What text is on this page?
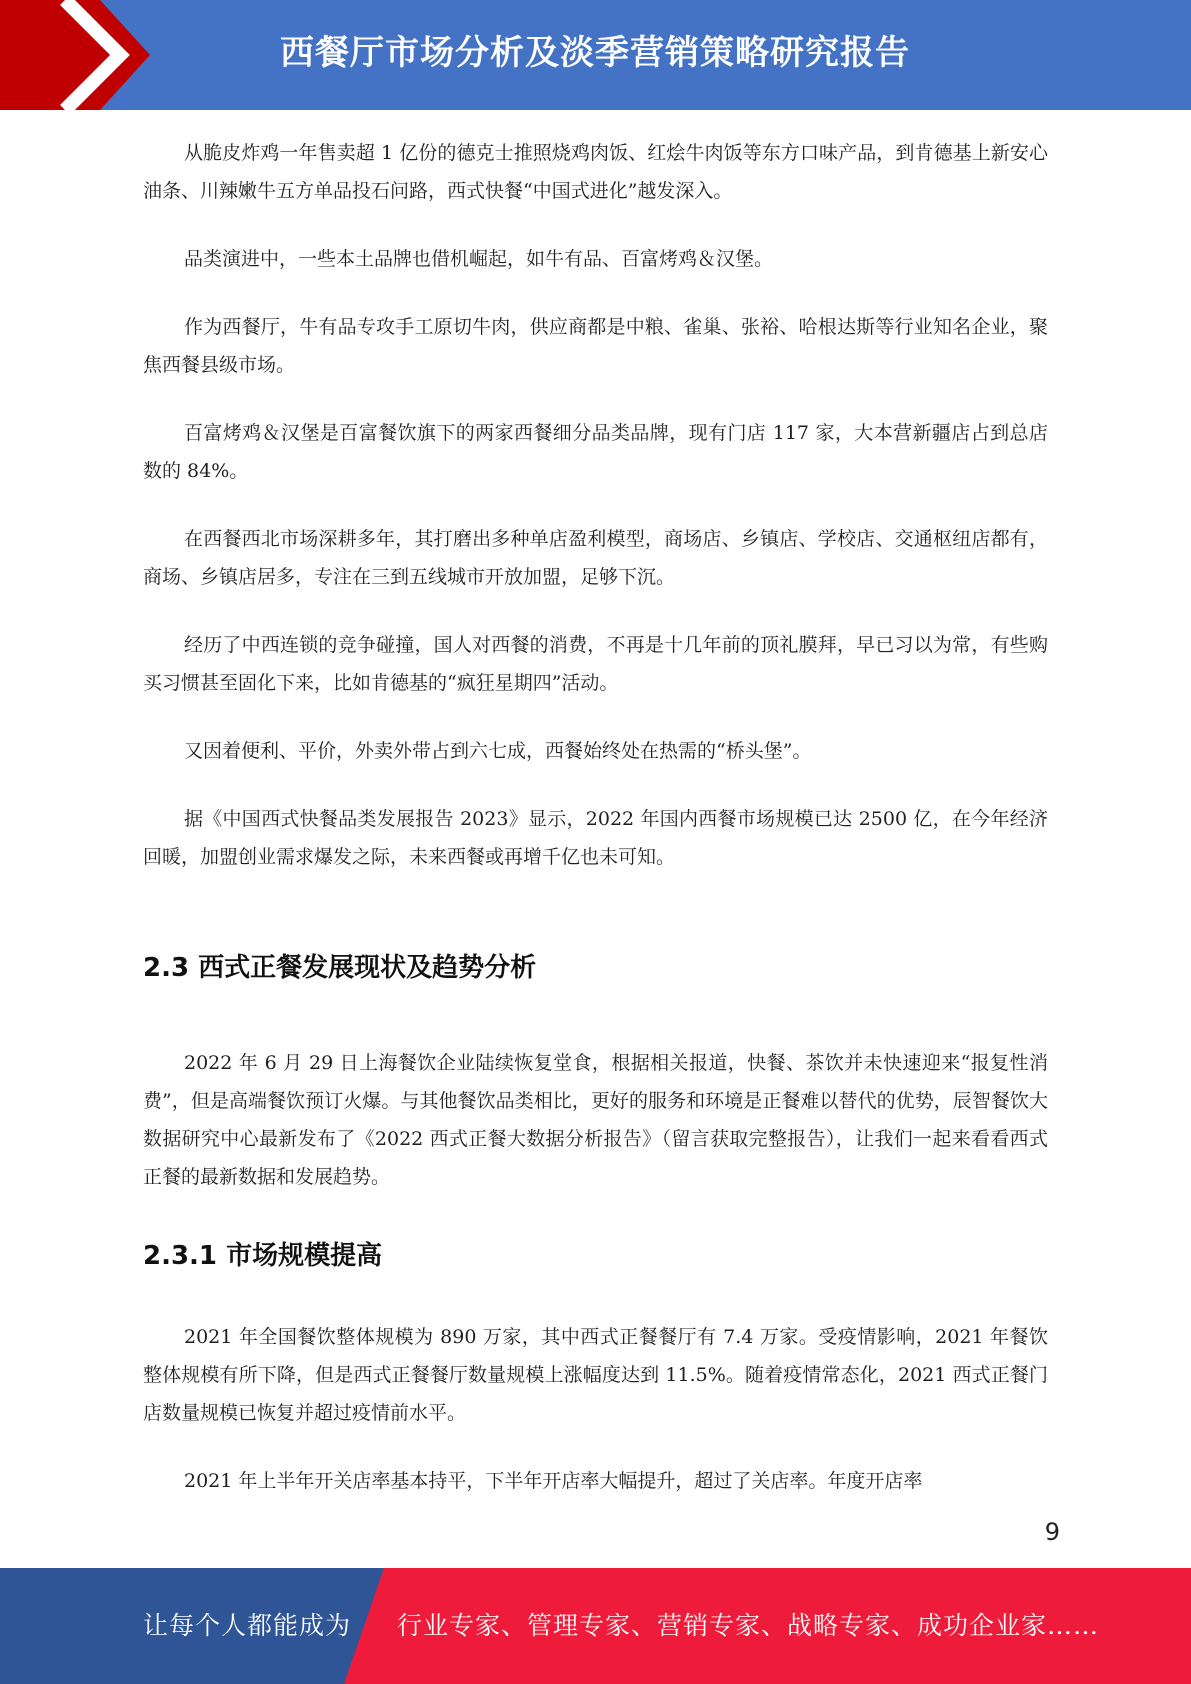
西餐厅市场分析及淡季营销策略研究报告

从脆皮炸鸡一年售卖超 1 亿份的德克士推照烧鸡肉饭、红烩牛肉饭等东方口味产品，到肯德基上新安心油条、川辣嫩牛五方单品投石问路，西式快餐“中国式进化”越发深入。

品类演进中，一些本土品牌也借机崛起，如牛有品、百富烤鸡＆汉堡。

作为西餐厅，牛有品专攻手工原切牛肉，供应商都是中粮、雀巢、张裕、哈根达斯等行业知名企业，聚焦西餐县级市场。

百富烤鸡＆汉堡是百富餐饮旗下的两家西餐细分品类品牌，现有门店 117 家，大本营新疆店占到总店数的 84%。

在西餐西北市场深耕多年，其打磨出多种单店盈利模型，商场店、乡镇店、学校店、交通枢纽店都有，商场、乡镇店居多，专注在三到五线城市开放加盟，足够下沉。

经历了中西连锁的竞争碰撞，国人对西餐的消费，不再是十几年前的顶礼膜拜，早已习以为常，有些购买习惯甚至固化下来，比如肯德基的“疯狂星期四”活动。

又因着便利、平价，外卖外带占到六七成，西餐始终处在热需的“桥头堡”。

据《中国西式快餐品类发展报告 2023》显示，2022 年国内西餐市场规模已达 2500 亿，在今年经济回暖，加盟创业需求爆发之际，未来西餐或再增千亿也未可知。

2.3 西式正餐发展现状及趋势分析

2022 年 6 月 29 日上海餐饮企业陆续恢复堂食，根据相关报道，快餐、茶饮并未快速迎来“报复性消费”，但是高端餐饮预订火爆。与其他餐饮品类相比，更好的服务和环境是正餐难以替代的优势，辰智餐饮大数据研究中心最新发布了《2022 西式正餐大数据分析报告》（留言获取完整报告），让我们一起来看看西式正餐的最新数据和发展趋势。

2.3.1 市场规模提高

2021 年全国餐饮整体规模为 890 万家，其中西式正餐餐厅有 7.4 万家。受疫情影响，2021 年餐饮整体规模有所下降，但是西式正餐餐厅数量规模上涨幅度达到 11.5%。随着疫情常态化，2021 西式正餐门店数量规模已恢复并超过疫情前水平。

2021 年上半年开关店率基本持平，下半年开店率大幅提升，超过了关店率。年度开店率

9
让每个人都能成为 行业专家、管理专家、营销专家、战略专家、成功企业家……
